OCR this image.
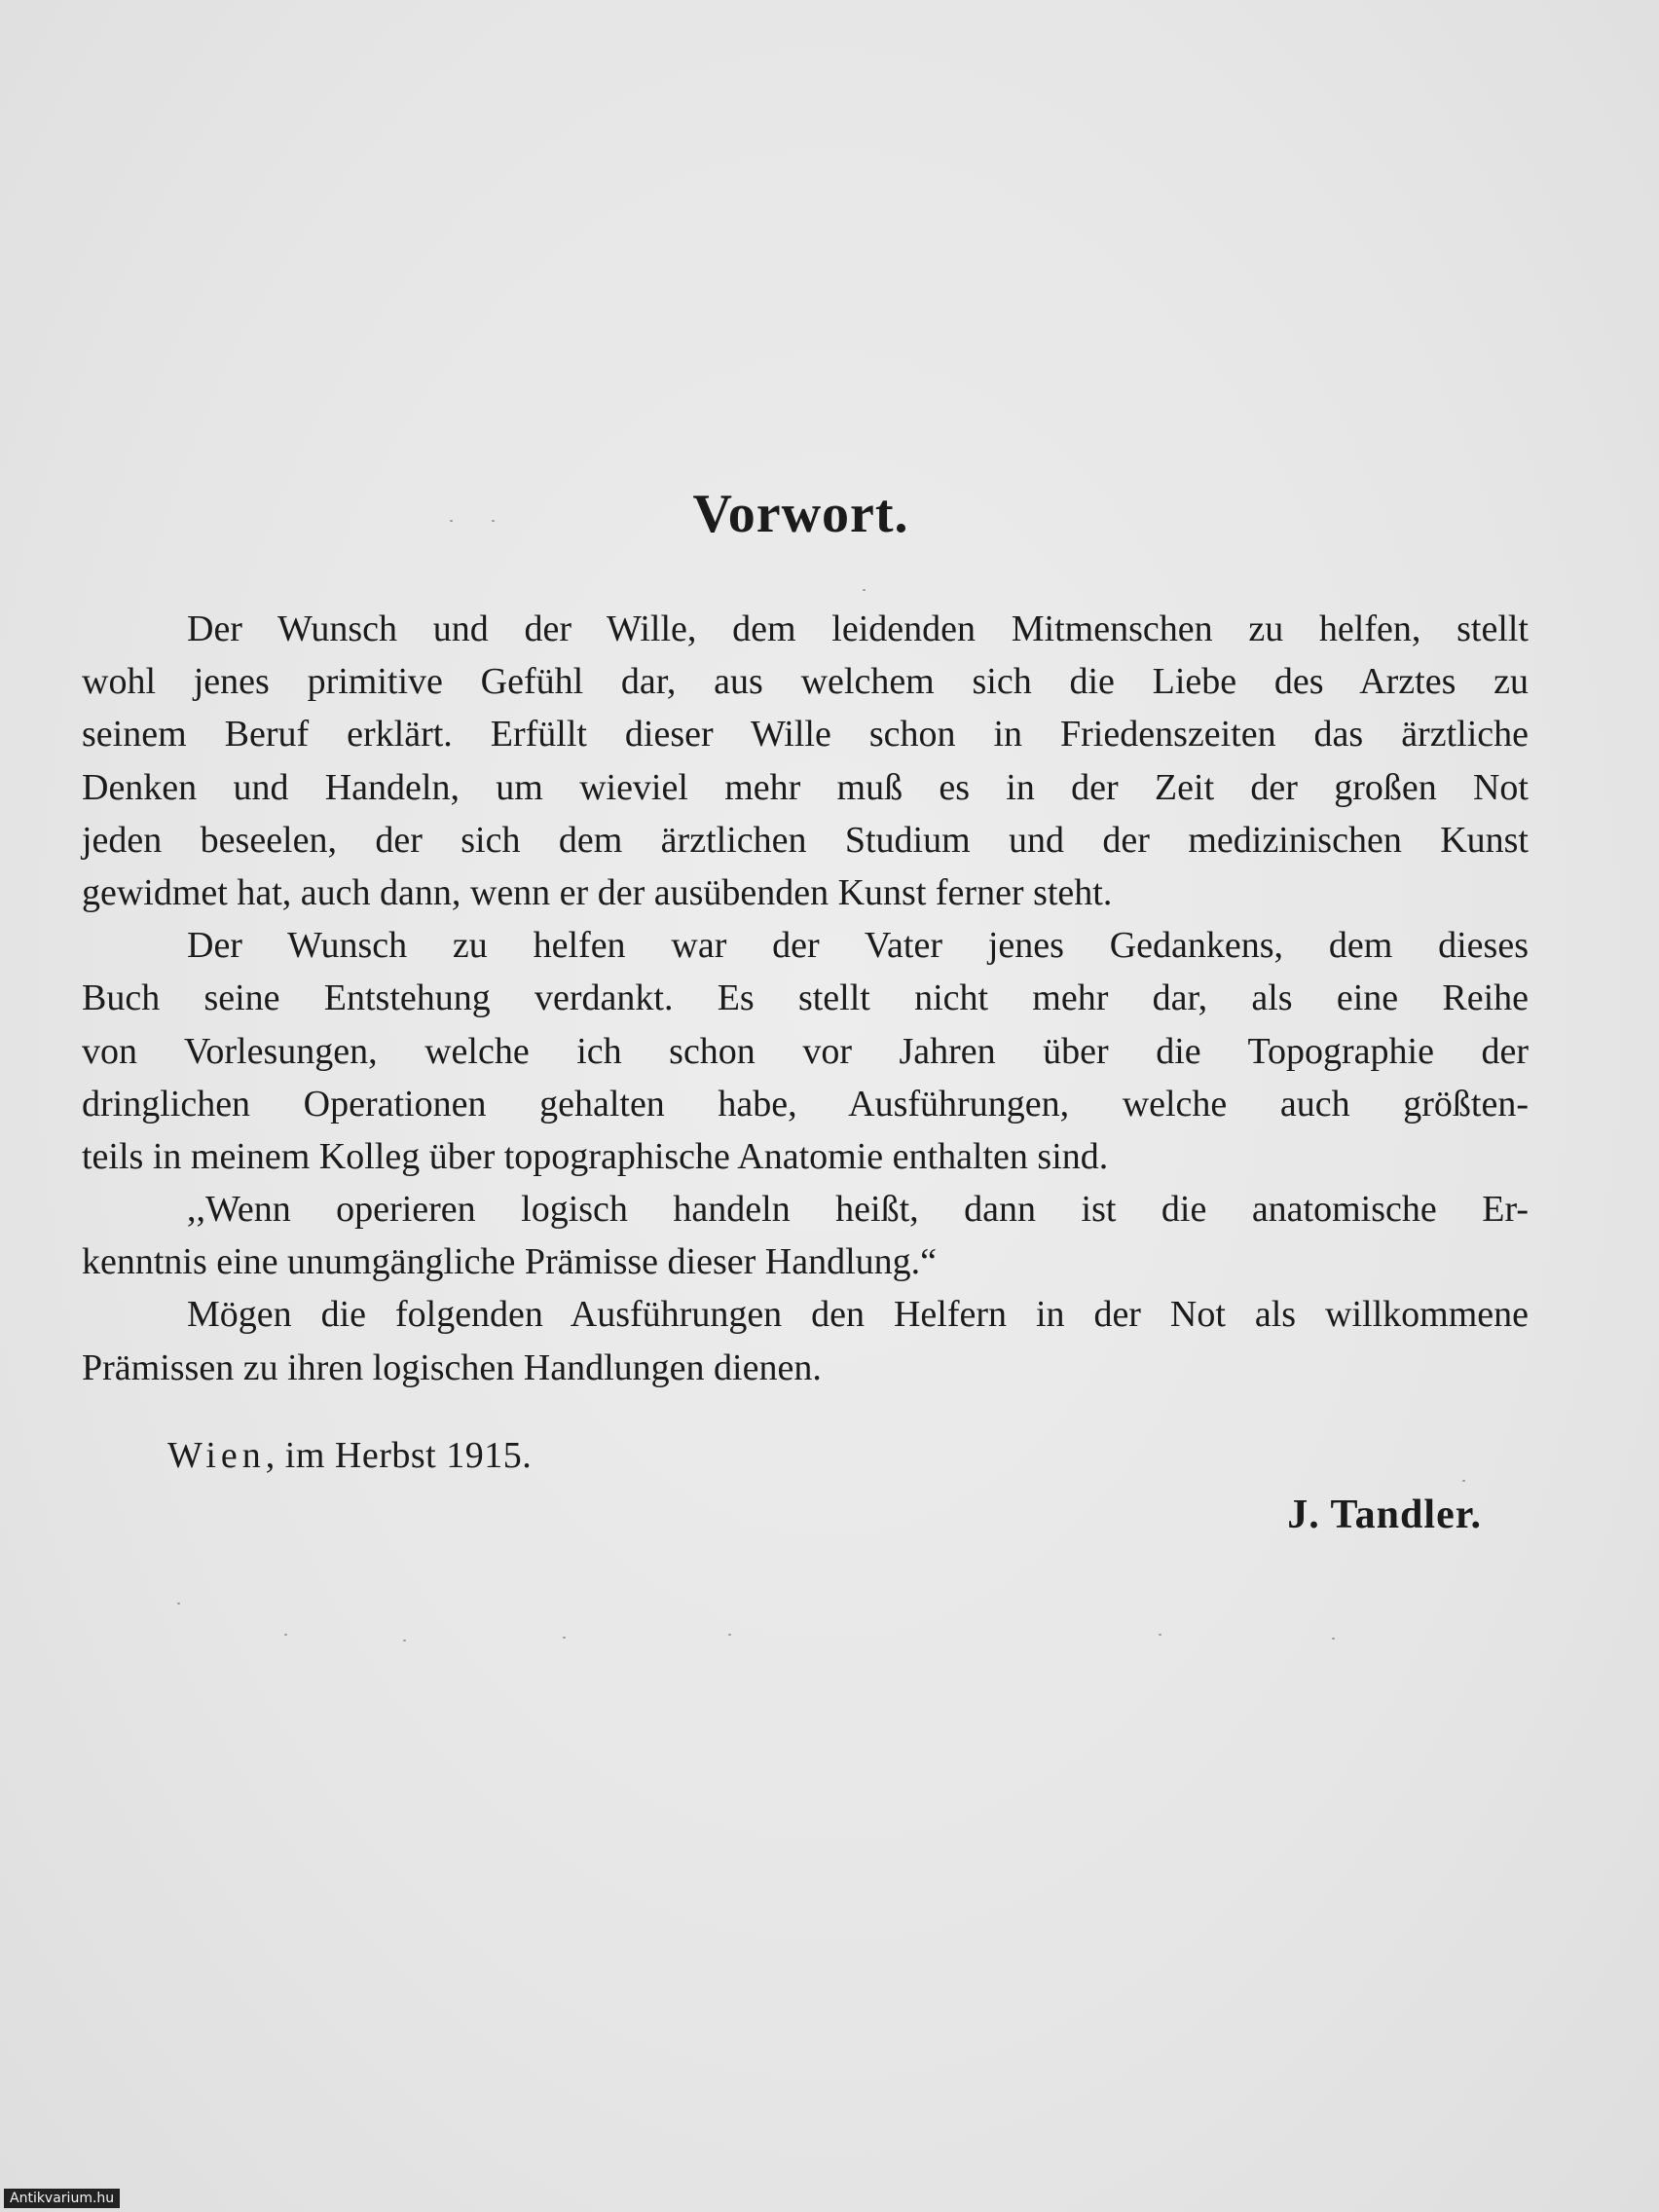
Vorwort.
Der Wunsch und der Wille, dem leidenden Mitmenschen zu helfen, stellt
wohl jenes primitive Gefühl dar, aus welchem sich die Liebe des Arztes zu
seinem Beruf erklärt. Erfüllt dieser Wille schon in Friedenszeiten das ärztliche
Denken und Handeln, um wieviel mehr muß es in der Zeit der großen Not
jeden beseelen, der sich dem ärztlichen Studium und der medizinischen Kunst
gewidmet hat, auch dann, wenn er der ausübenden Kunst ferner steht.
Der Wunsch zu helfen war der Vater jenes Gedankens, dem dieses
Buch seine Entstehung verdankt. Es stellt nicht mehr dar, als eine Reihe
von Vorlesungen, welche ich schon vor Jahren über die Topographie der
dringlichen Operationen gehalten habe, Ausführungen, welche auch größten-
teils in meinem Kolleg über topographische Anatomie enthalten sind.
,,Wenn operieren logisch handeln heißt, dann ist die anatomische Er-
kenntnis eine unumgängliche Prämisse dieser Handlung.“
Mögen die folgenden Ausführungen den Helfern in der Not als willkommene
Prämissen zu ihren logischen Handlungen dienen.

Wien, im Herbst 1915.

J. Tandler.

Antikvarium.hu
